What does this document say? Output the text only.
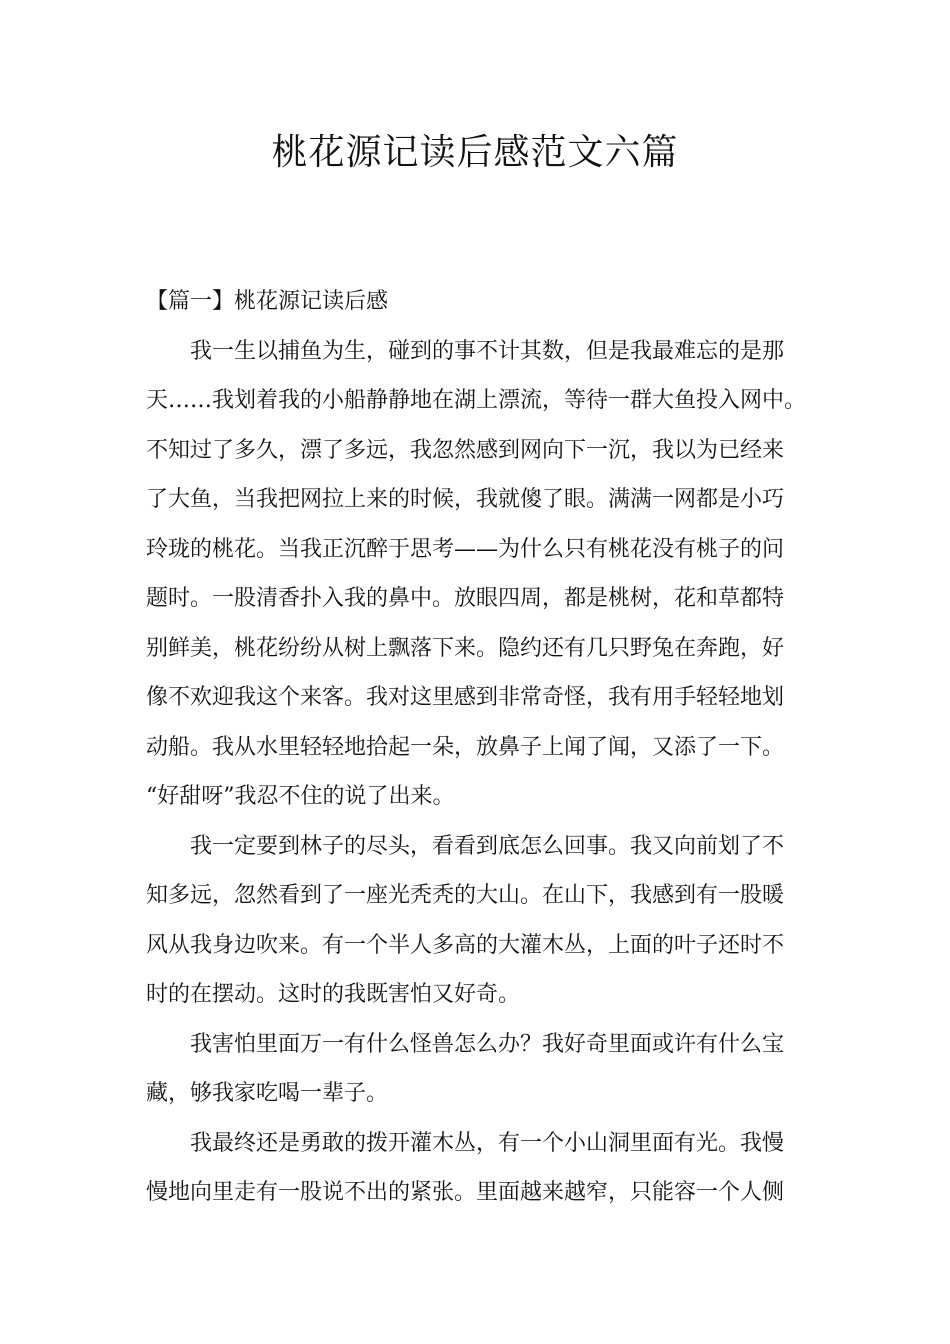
桃花源记读后感范文六篇

【篇一】桃花源记读后感

我一生以捕鱼为生，碰到的事不计其数，但是我最难忘的是那
天……我划着我的小船静静地在湖上漂流，等待一群大鱼投入网中。
不知过了多久，漂了多远，我忽然感到网向下一沉，我以为已经来
了大鱼，当我把网拉上来的时候，我就傻了眼。满满一网都是小巧
玲珑的桃花。当我正沉醉于思考——为什么只有桃花没有桃子的问
题时。一股清香扑入我的鼻中。放眼四周，都是桃树，花和草都特
别鲜美，桃花纷纷从树上飘落下来。隐约还有几只野兔在奔跑，好
像不欢迎我这个来客。我对这里感到非常奇怪，我有用手轻轻地划
动船。我从水里轻轻地拾起一朵，放鼻子上闻了闻，又添了一下。
“好甜呀”我忍不住的说了出来。

我一定要到林子的尽头，看看到底怎么回事。我又向前划了不
知多远，忽然看到了一座光秃秃的大山。在山下，我感到有一股暖
风从我身边吹来。有一个半人多高的大灌木丛，上面的叶子还时不
时的在摆动。这时的我既害怕又好奇。

我害怕里面万一有什么怪兽怎么办？我好奇里面或许有什么宝
藏，够我家吃喝一辈子。

我最终还是勇敢的拨开灌木丛，有一个小山洞里面有光。我慢
慢地向里走有一股说不出的紧张。里面越来越窄，只能容一个人侧
